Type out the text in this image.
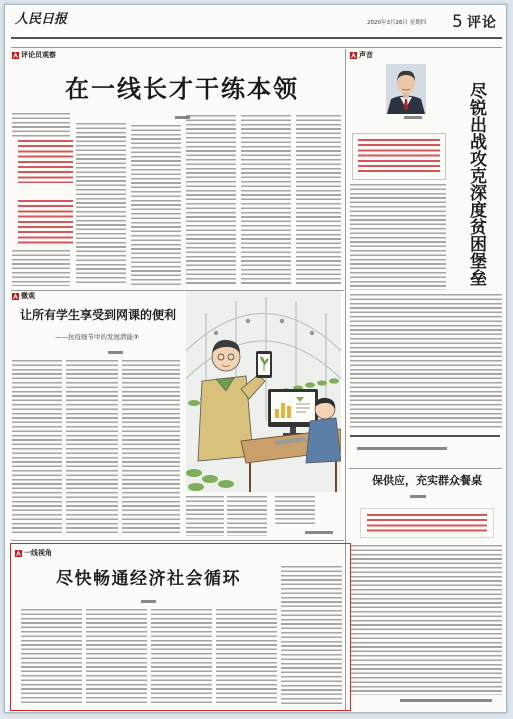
人民日报	2020年3月26日 星期四 5 评论
评论员观察
在一线长才干练本领
声音
尽锐出战攻克深度贫困堡垒
微观
让所有学生享受到网课的便利
——抗疫细节中的发展潜能③
一线视角
尽快畅通经济社会循环
保供应，充实群众餐桌
